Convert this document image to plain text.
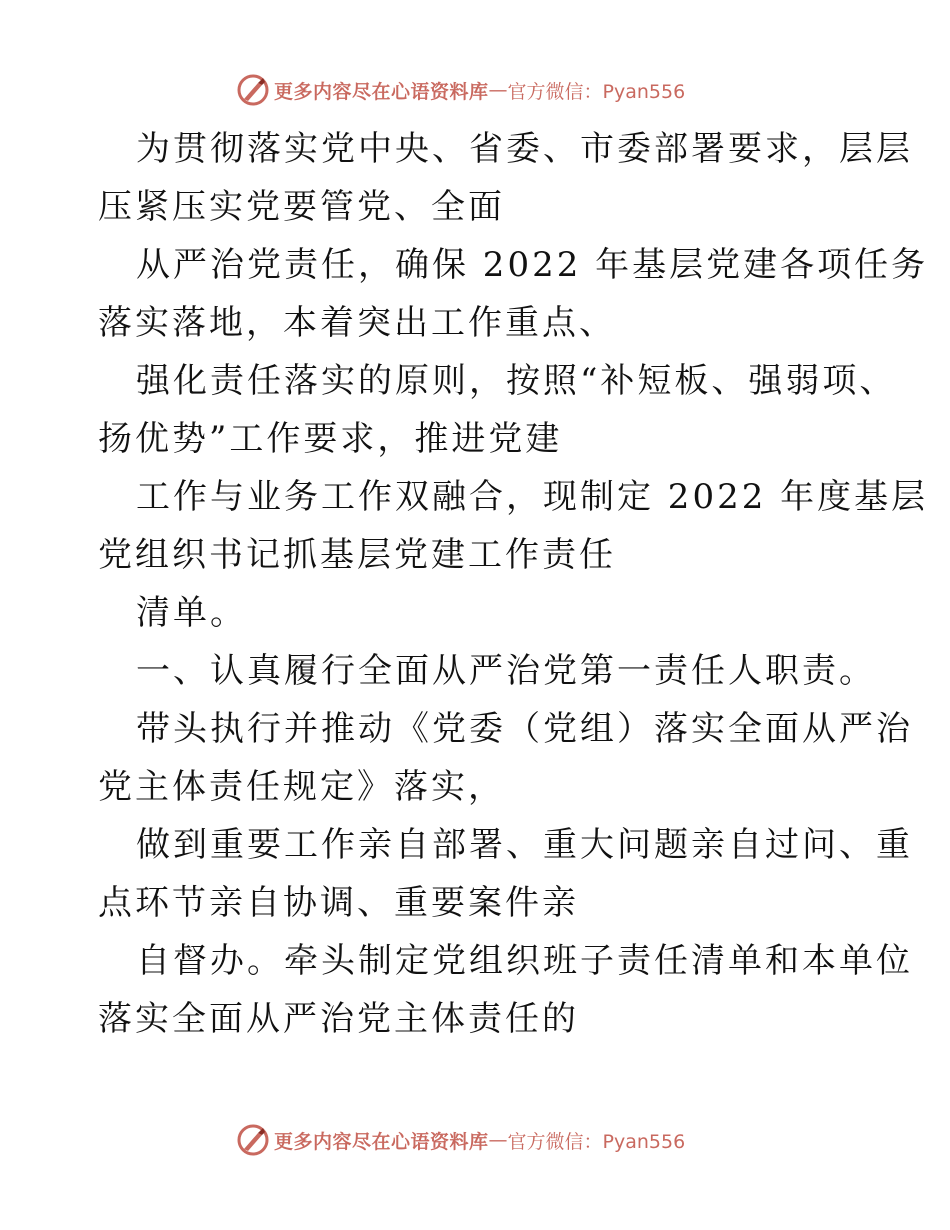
更多内容尽在心语资料库 — 官方微信：Pyan556
为贯彻落实党中央、省委、市委部署要求，层层
压紧压实党要管党、全面
从严治党责任，确保 2022 年基层党建各项任务
落实落地，本着突出工作重点、
强化责任落实的原则，按照“补短板、强弱项、
扬优势”工作要求，推进党建
工作与业务工作双融合，现制定 2022 年度基层
党组织书记抓基层党建工作责任
清单。
一、认真履行全面从严治党第一责任人职责。
带头执行并推动《党委（党组）落实全面从严治
党主体责任规定》落实，
做到重要工作亲自部署、重大问题亲自过问、重
点环节亲自协调、重要案件亲
自督办。牵头制定党组织班子责任清单和本单位
落实全面从严治党主体责任的
更多内容尽在心语资料库 — 官方微信：Pyan556
